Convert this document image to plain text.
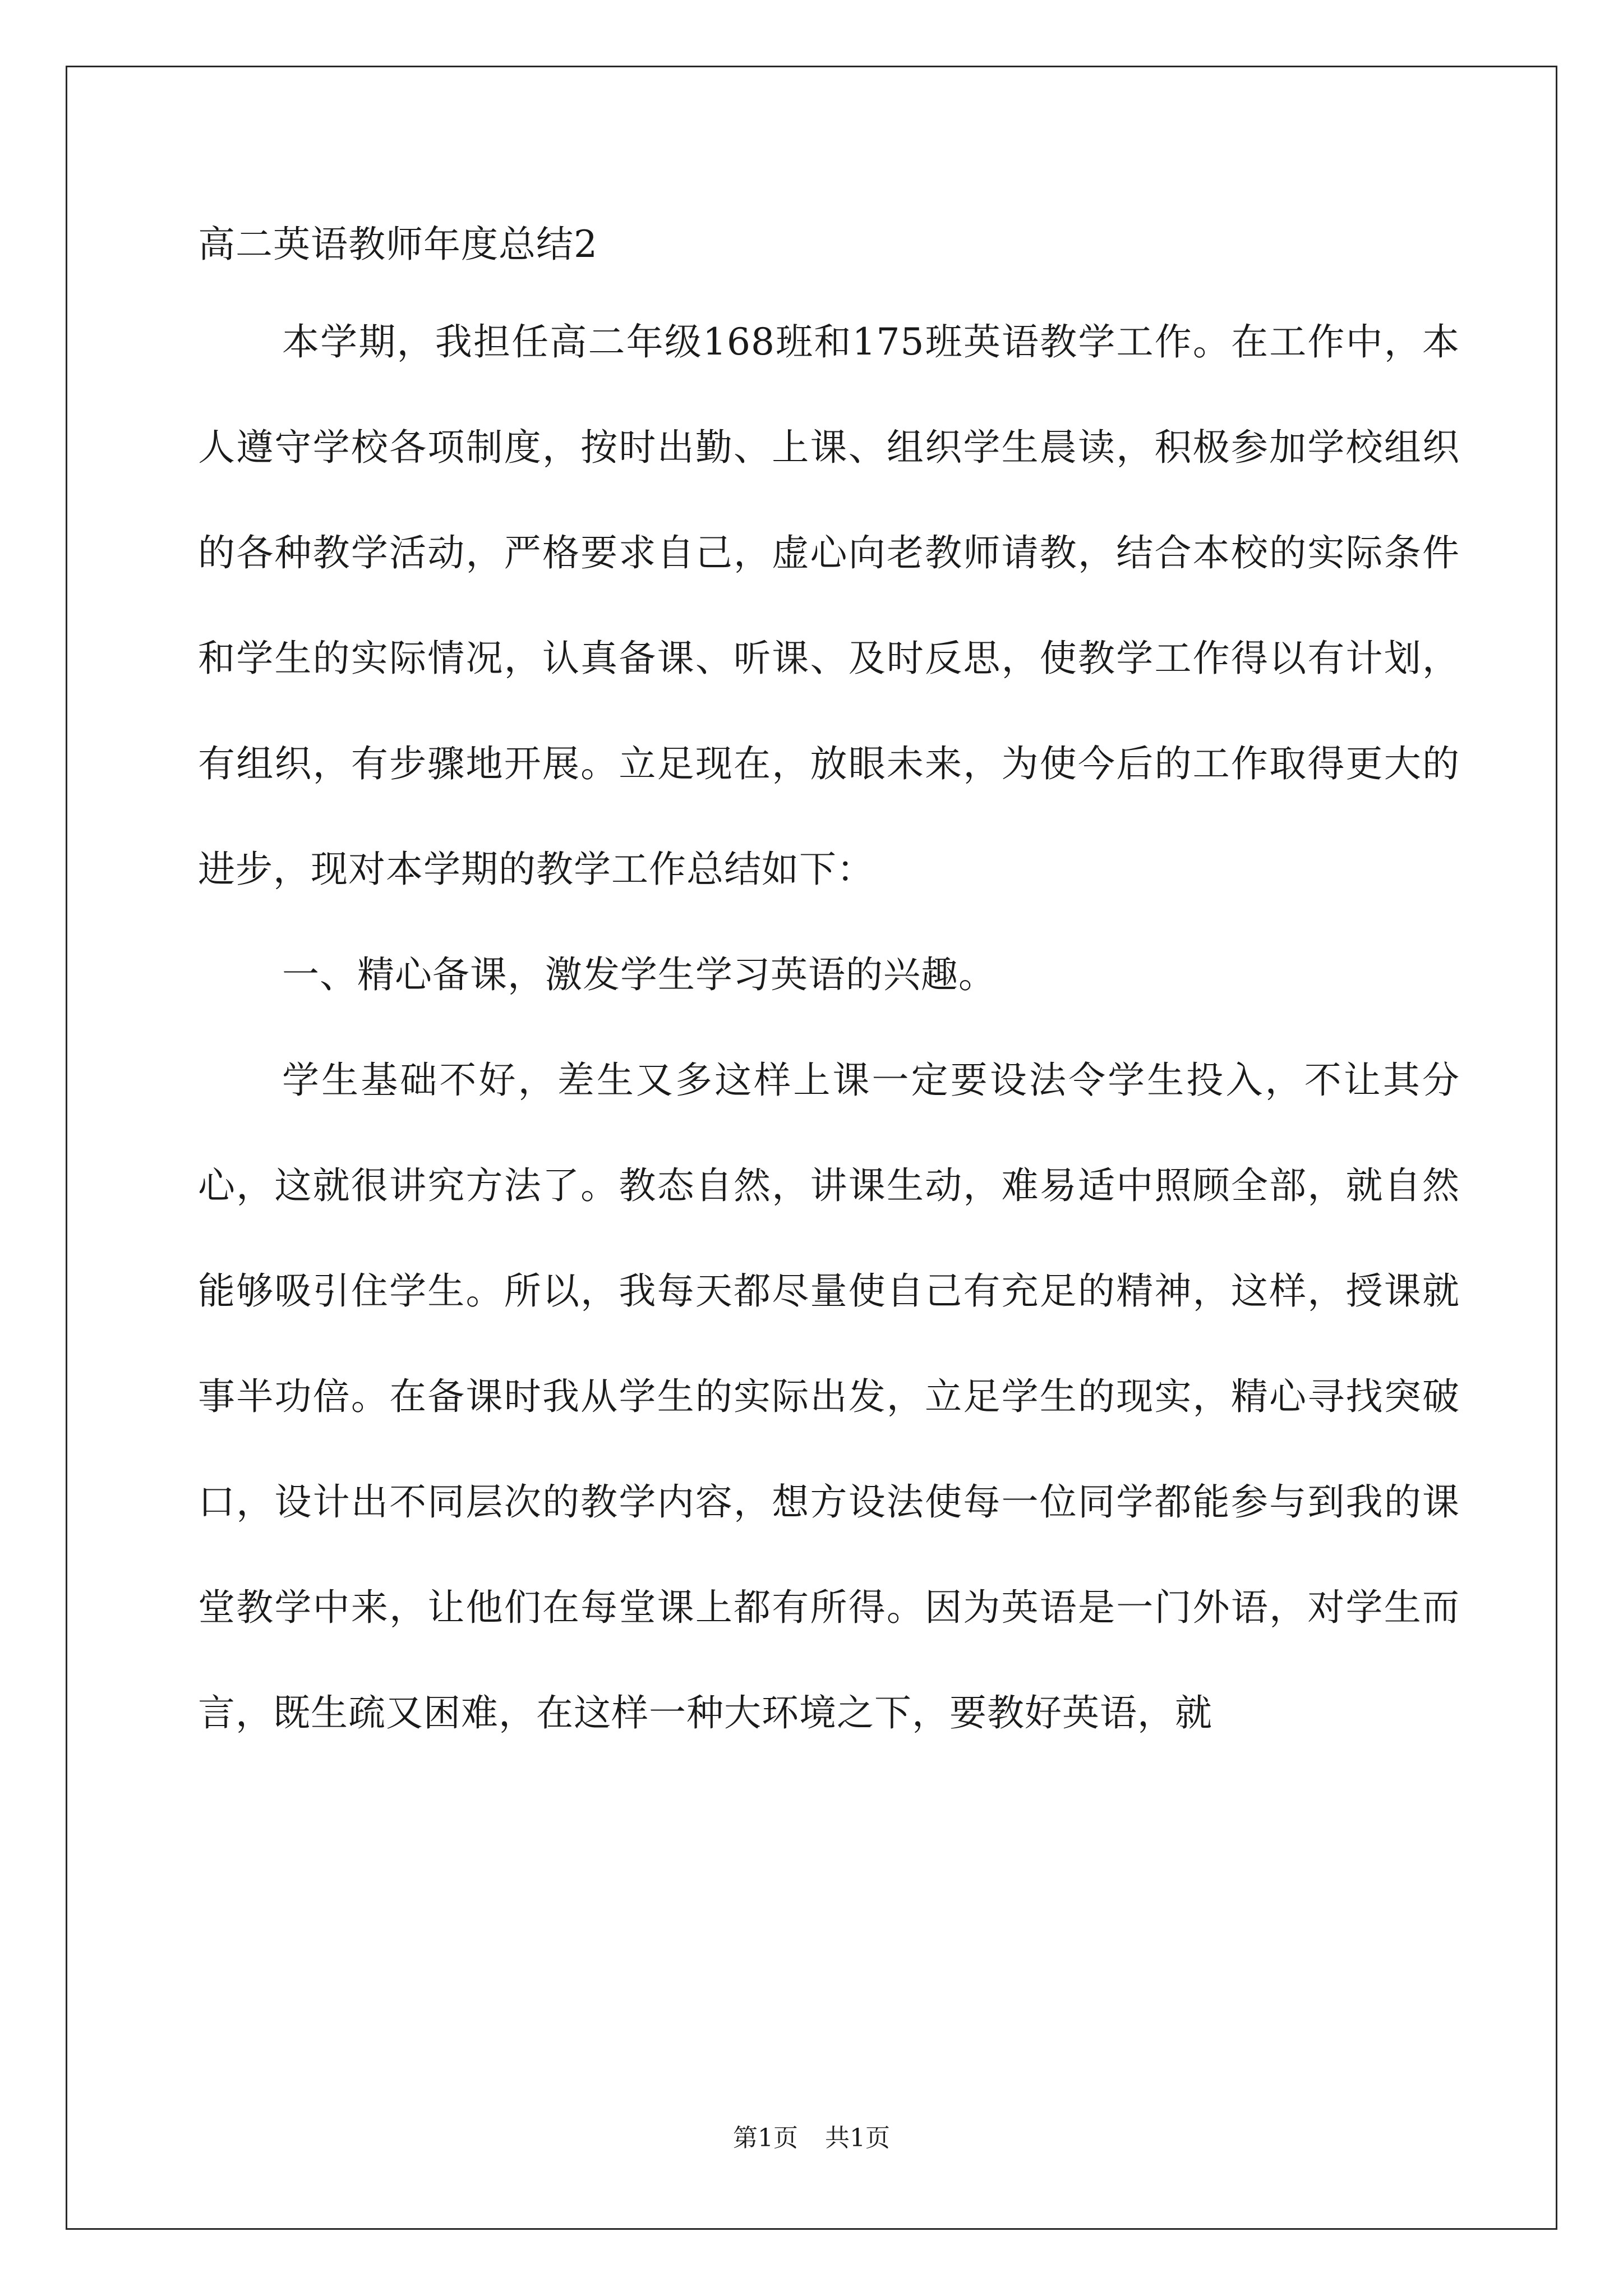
高二英语教师年度总结2

本学期，我担任高二年级168班和175班英语教学工作。在工作中，本人遵守学校各项制度，按时出勤、上课、组织学生晨读，积极参加学校组织的各种教学活动，严格要求自己，虚心向老教师请教，结合本校的实际条件和学生的实际情况，认真备课、听课、及时反思，使教学工作得以有计划，有组织，有步骤地开展。立足现在，放眼未来，为使今后的工作取得更大的进步，现对本学期的教学工作总结如下：

一、精心备课，激发学生学习英语的兴趣。

学生基础不好，差生又多这样上课一定要设法令学生投入，不让其分心，这就很讲究方法了。教态自然，讲课生动，难易适中照顾全部，就自然能够吸引住学生。所以，我每天都尽量使自己有充足的精神，这样，授课就事半功倍。在备课时我从学生的实际出发，立足学生的现实，精心寻找突破口，设计出不同层次的教学内容，想方设法使每一位同学都能参与到我的课堂教学中来，让他们在每堂课上都有所得。因为英语是一门外语，对学生而言，既生疏又困难，在这样一种大环境之下，要教好英语，就

第1页 共1页
